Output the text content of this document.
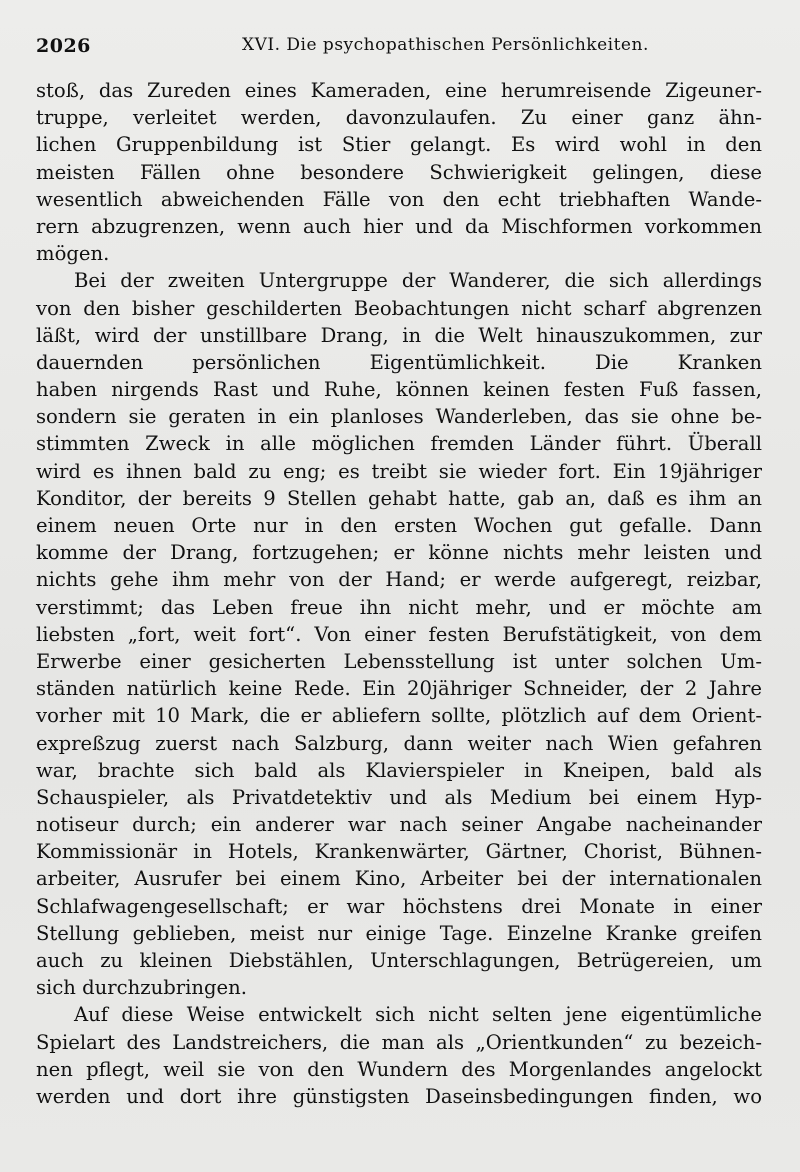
2026	XVI. Die psychopathischen Persönlichkeiten.
stoß, das Zureden eines Kameraden, eine herumreisende Zigeuner-
truppe, verleitet werden, davonzulaufen. Zu einer ganz ähn-
lichen Gruppenbildung ist Stier gelangt. Es wird wohl in den
meisten Fällen ohne besondere Schwierigkeit gelingen, diese
wesentlich abweichenden Fälle von den echt triebhaften Wande-
rern abzugrenzen, wenn auch hier und da Mischformen vorkommen
mögen.
Bei der zweiten Untergruppe der Wanderer, die sich allerdings
von den bisher geschilderten Beobachtungen nicht scharf abgrenzen
läßt, wird der unstillbare Drang, in die Welt hinauszukommen, zur
dauernden persönlichen Eigentümlichkeit. Die Kranken
haben nirgends Rast und Ruhe, können keinen festen Fuß fassen,
sondern sie geraten in ein planloses Wanderleben, das sie ohne be-
stimmten Zweck in alle möglichen fremden Länder führt. Überall
wird es ihnen bald zu eng; es treibt sie wieder fort. Ein 19jähriger
Konditor, der bereits 9 Stellen gehabt hatte, gab an, daß es ihm an
einem neuen Orte nur in den ersten Wochen gut gefalle. Dann
komme der Drang, fortzugehen; er könne nichts mehr leisten und
nichts gehe ihm mehr von der Hand; er werde aufgeregt, reizbar,
verstimmt; das Leben freue ihn nicht mehr, und er möchte am
liebsten „fort, weit fort“. Von einer festen Berufstätigkeit, von dem
Erwerbe einer gesicherten Lebensstellung ist unter solchen Um-
ständen natürlich keine Rede. Ein 20jähriger Schneider, der 2 Jahre
vorher mit 10 Mark, die er abliefern sollte, plötzlich auf dem Orient-
expreßzug zuerst nach Salzburg, dann weiter nach Wien gefahren
war, brachte sich bald als Klavierspieler in Kneipen, bald als
Schauspieler, als Privatdetektiv und als Medium bei einem Hyp-
notiseur durch; ein anderer war nach seiner Angabe nacheinander
Kommissionär in Hotels, Krankenwärter, Gärtner, Chorist, Bühnen-
arbeiter, Ausrufer bei einem Kino, Arbeiter bei der internationalen
Schlafwagengesellschaft; er war höchstens drei Monate in einer
Stellung geblieben, meist nur einige Tage. Einzelne Kranke greifen
auch zu kleinen Diebstählen, Unterschlagungen, Betrügereien, um
sich durchzubringen.
Auf diese Weise entwickelt sich nicht selten jene eigentümliche
Spielart des Landstreichers, die man als „Orientkunden“ zu bezeich-
nen pflegt, weil sie von den Wundern des Morgenlandes angelockt
werden und dort ihre günstigsten Daseinsbedingungen finden, wo
